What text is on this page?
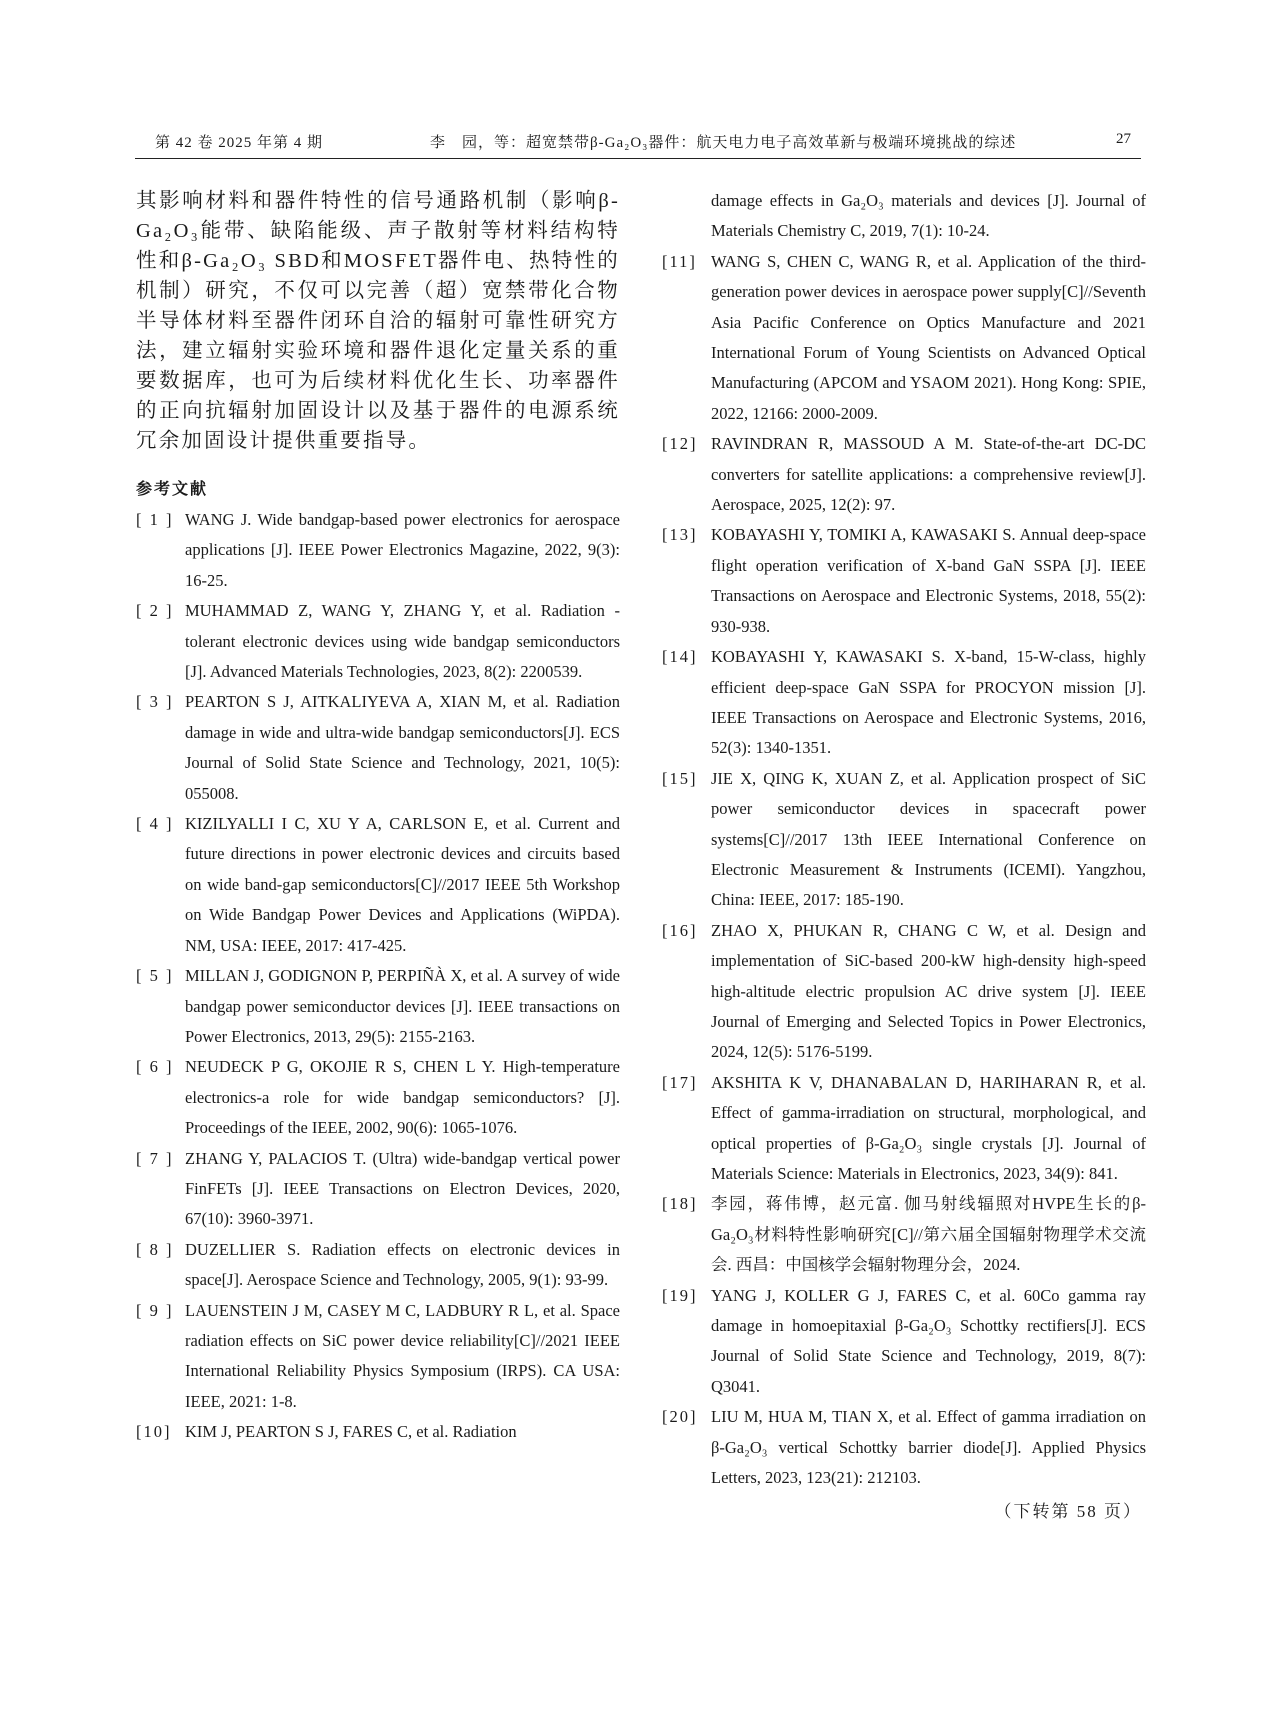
第 42 卷 2025 年第 4 期	李　园，等：超宽禁带β-Ga₂O₃器件：航天电力电子高效革新与极端环境挑战的综述	27

其影响材料和器件特性的信号通路机制（影响β-Ga₂O₃能带、缺陷能级、声子散射等材料结构特性和β-Ga₂O₃ SBD和MOSFET器件电、热特性的机制）研究，不仅可以完善（超）宽禁带化合物半导体材料至器件闭环自洽的辐射可靠性研究方法，建立辐射实验环境和器件退化定量关系的重要数据库，也可为后续材料优化生长、功率器件的正向抗辐射加固设计以及基于器件的电源系统冗余加固设计提供重要指导。

参考文献
[ 1 ] WANG J. Wide bandgap-based power electronics for aerospace applications [J]. IEEE Power Electronics Magazine, 2022, 9(3): 16-25.
[ 2 ] MUHAMMAD Z, WANG Y, ZHANG Y, et al. Radiation - tolerant electronic devices using wide bandgap semiconductors [J]. Advanced Materials Technologies, 2023, 8(2): 2200539.
[ 3 ] PEARTON S J, AITKALIYEVA A, XIAN M, et al. Radiation damage in wide and ultra-wide bandgap semiconductors[J]. ECS Journal of Solid State Science and Technology, 2021, 10(5): 055008.
[ 4 ] KIZILYALLI I C, XU Y A, CARLSON E, et al. Current and future directions in power electronic devices and circuits based on wide band-gap semiconductors[C]//2017 IEEE 5th Workshop on Wide Bandgap Power Devices and Applications (WiPDA). NM, USA: IEEE, 2017: 417-425.
[ 5 ] MILLAN J, GODIGNON P, PERPIÑÀ X, et al. A survey of wide bandgap power semiconductor devices [J]. IEEE transactions on Power Electronics, 2013, 29(5): 2155-2163.
[ 6 ] NEUDECK P G, OKOJIE R S, CHEN L Y. High-temperature electronics-a role for wide bandgap semiconductors? [J]. Proceedings of the IEEE, 2002, 90(6): 1065-1076.
[ 7 ] ZHANG Y, PALACIOS T. (Ultra) wide-bandgap vertical power FinFETs [J]. IEEE Transactions on Electron Devices, 2020, 67(10): 3960-3971.
[ 8 ] DUZELLIER S. Radiation effects on electronic devices in space[J]. Aerospace Science and Technology, 2005, 9(1): 93-99.
[ 9 ] LAUENSTEIN J M, CASEY M C, LADBURY R L, et al. Space radiation effects on SiC power device reliability[C]//2021 IEEE International Reliability Physics Symposium (IRPS). CA USA: IEEE, 2021: 1-8.
[10] KIM J, PEARTON S J, FARES C, et al. Radiation
damage effects in Ga₂O₃ materials and devices [J]. Journal of Materials Chemistry C, 2019, 7(1): 10-24.
[11] WANG S, CHEN C, WANG R, et al. Application of the third-generation power devices in aerospace power supply[C]//Seventh Asia Pacific Conference on Optics Manufacture and 2021 International Forum of Young Scientists on Advanced Optical Manufacturing (APCOM and YSAOM 2021). Hong Kong: SPIE, 2022, 12166: 2000-2009.
[12] RAVINDRAN R, MASSOUD A M. State-of-the-art DC-DC converters for satellite applications: a comprehensive review[J]. Aerospace, 2025, 12(2): 97.
[13] KOBAYASHI Y, TOMIKI A, KAWASAKI S. Annual deep-space flight operation verification of X-band GaN SSPA [J]. IEEE Transactions on Aerospace and Electronic Systems, 2018, 55(2): 930-938.
[14] KOBAYASHI Y, KAWASAKI S. X-band, 15-W-class, highly efficient deep-space GaN SSPA for PROCYON mission [J]. IEEE Transactions on Aerospace and Electronic Systems, 2016, 52(3): 1340-1351.
[15] JIE X, QING K, XUAN Z, et al. Application prospect of SiC power semiconductor devices in spacecraft power systems[C]//2017 13th IEEE International Conference on Electronic Measurement & Instruments (ICEMI). Yangzhou, China: IEEE, 2017: 185-190.
[16] ZHAO X, PHUKAN R, CHANG C W, et al. Design and implementation of SiC-based 200-kW high-density high-speed high-altitude electric propulsion AC drive system [J]. IEEE Journal of Emerging and Selected Topics in Power Electronics, 2024, 12(5): 5176-5199.
[17] AKSHITA K V, DHANABALAN D, HARIHARAN R, et al. Effect of gamma-irradiation on structural, morphological, and optical properties of β-Ga₂O₃ single crystals [J]. Journal of Materials Science: Materials in Electronics, 2023, 34(9): 841.
[18] 李园，蒋伟博，赵元富. 伽马射线辐照对HVPE生长的β-Ga₂O₃材料特性影响研究[C]//第六届全国辐射物理学术交流会. 西昌：中国核学会辐射物理分会，2024.
[19] YANG J, KOLLER G J, FARES C, et al. 60Co gamma ray damage in homoepitaxial β-Ga₂O₃ Schottky rectifiers[J]. ECS Journal of Solid State Science and Technology, 2019, 8(7): Q3041.
[20] LIU M, HUA M, TIAN X, et al. Effect of gamma irradiation on β-Ga₂O₃ vertical Schottky barrier diode[J]. Applied Physics Letters, 2023, 123(21): 212103.
（下转第 58 页）
